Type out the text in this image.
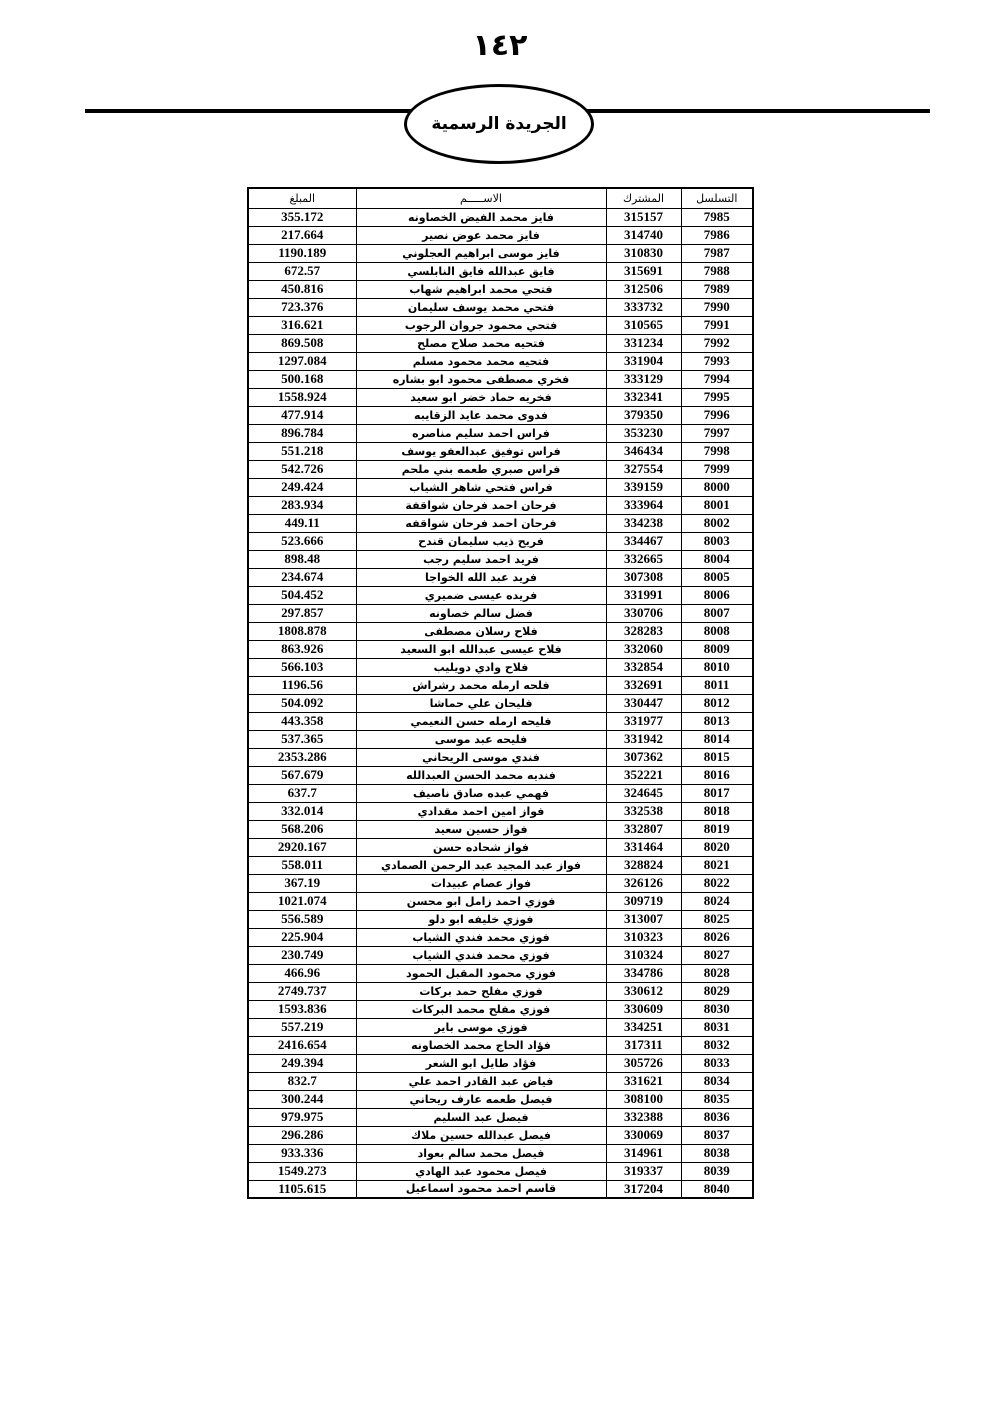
١٤٢
الجريدة الرسمية
التسلسل	المشترك	الاســـــم	المبلغ
7985	315157	فايز محمد الفيض الخصاونه	355.172
7986	314740	فايز محمد عوض نصير	217.664
7987	310830	فايز موسى ابراهيم العجلوني	1190.189
7988	315691	فايق عبدالله فايق النابلسي	672.57
7989	312506	فتحي محمد ابراهيم شهاب	450.816
7990	333732	فتحي محمد يوسف سليمان	723.376
7991	310565	فتحي محمود جروان الرجوب	316.621
7992	331234	فتحيه محمد صلاح مصلح	869.508
7993	331904	فتحيه محمد محمود مسلم	1297.084
7994	333129	فخري مصطفى محمود ابو بشاره	500.168
7995	332341	فخريه حماد خضر ابو سعيد	1558.924
7996	379350	فدوى محمد عايد الزقايبه	477.914
7997	353230	فراس احمد سليم مناصره	896.784
7998	346434	فراس توفيق عبدالعفو يوسف	551.218
7999	327554	فراس صبري طعمه بني ملحم	542.726
8000	339159	فراس فتحي شاهر الشياب	249.424
8001	333964	فرحان احمد فرحان شواقفة	283.934
8002	334238	فرحان احمد فرحان شواقفه	449.11
8003	334467	فريح ذيب سليمان قندح	523.666
8004	332665	فريد احمد سليم رجب	898.48
8005	307308	فريد عبد الله الخواجا	234.674
8006	331991	فريده عيسى ضميري	504.452
8007	330706	فضل سالم خصاونه	297.857
8008	328283	فلاح رسلان مصطفى	1808.878
8009	332060	فلاح عيسى عبدالله ابو السعيد	863.926
8010	332854	فلاح وادي دويليب	566.103
8011	332691	فلحه ارمله محمد رشراش	1196.56
8012	330447	فليحان علي حماشا	504.092
8013	331977	فليحه ارمله حسن النعيمي	443.358
8014	331942	فليحه عبد موسى	537.365
8015	307362	فندي موسى الريحاني	2353.286
8016	352221	فنديه محمد الحسن العبدالله	567.679
8017	324645	فهمي عبده صادق ناصيف	637.7
8018	332538	فواز امين احمد مقدادي	332.014
8019	332807	فواز حسين سعيد	568.206
8020	331464	فواز شحاده حسن	2920.167
8021	328824	فواز عبد المجيد عبد الرحمن الصمادي	558.011
8022	326126	فواز عصام عبيدات	367.19
8024	309719	فوزي احمد زامل ابو محسن	1021.074
8025	313007	فوزي خليفه ابو دلو	556.589
8026	310323	فوزي محمد فندي الشياب	225.904
8027	310324	فوزي محمد فندي الشياب	230.749
8028	334786	فوزي محمود المقبل الحمود	466.96
8029	330612	فوزي مفلح حمد بركات	2749.737
8030	330609	فوزي مفلح محمد البركات	1593.836
8031	334251	فوزي موسى باير	557.219
8032	317311	فؤاد الحاج محمد الخصاونه	2416.654
8033	305726	فؤاد طايل ابو الشعر	249.394
8034	331621	فياض عبد القادر احمد علي	832.7
8035	308100	فيصل طعمه عارف ريحاني	300.244
8036	332388	فيصل عبد السليم	979.975
8037	330069	فيصل عبدالله حسين ملاك	296.286
8038	314961	فيصل محمد سالم بعواد	933.336
8039	319337	فيصل محمود عبد الهادي	1549.273
8040	317204	قاسم احمد محمود اسماعيل	1105.615
